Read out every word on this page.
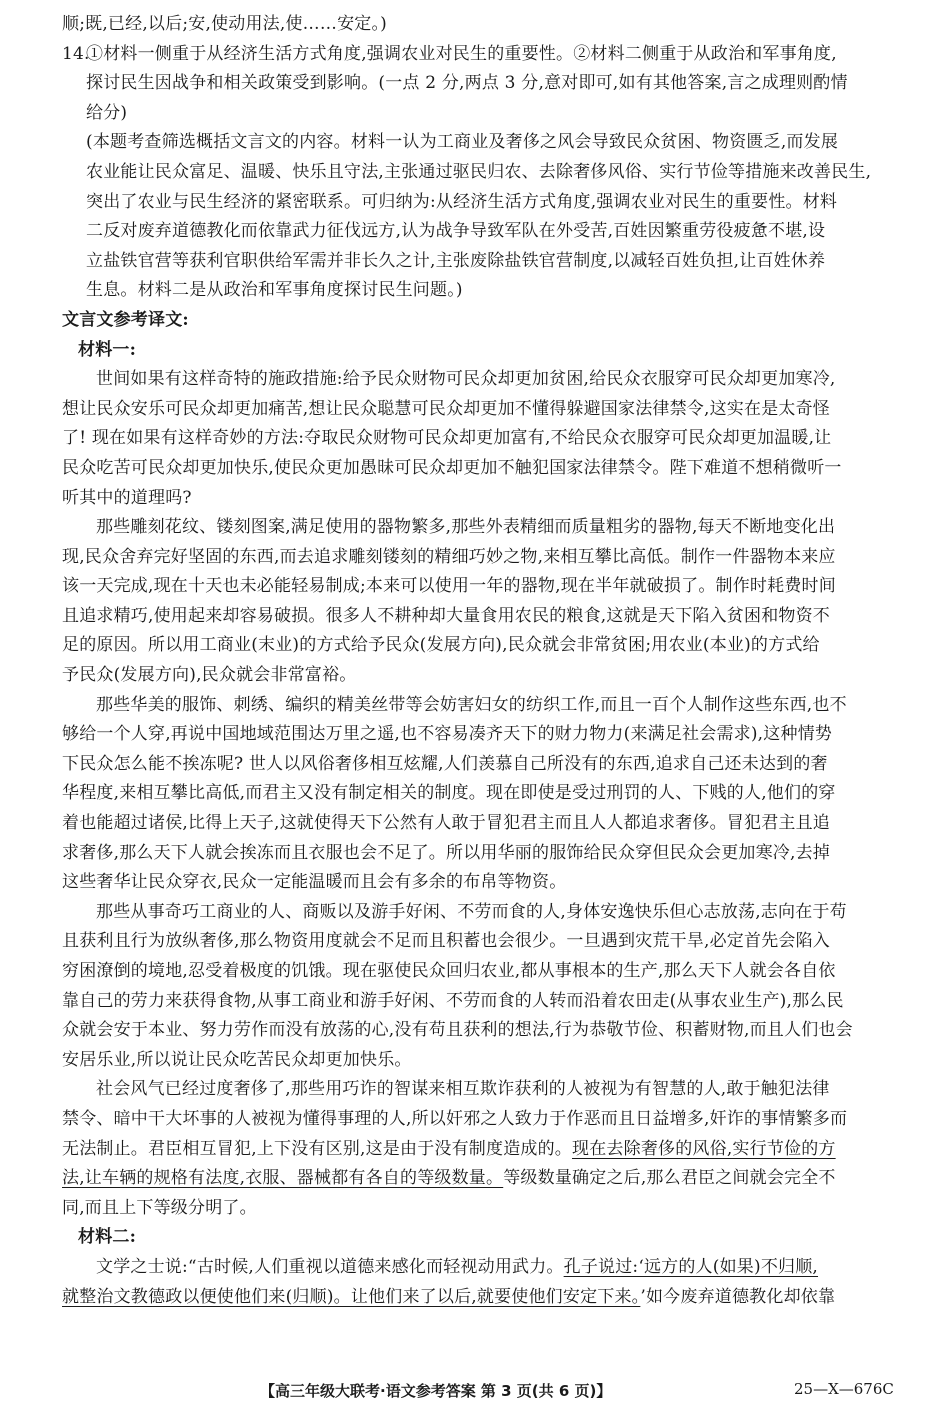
顺;既,已经,以后;安,使动用法,使……安定。)
14.①材料一侧重于从经济生活方式角度,强调农业对民生的重要性。②材料二侧重于从政治和军事角度,
探讨民生因战争和相关政策受到影响。(一点 2 分,两点 3 分,意对即可,如有其他答案,言之成理则酌情
给分)
(本题考查筛选概括文言文的内容。材料一认为工商业及奢侈之风会导致民众贫困、物资匮乏,而发展
农业能让民众富足、温暖、快乐且守法,主张通过驱民归农、去除奢侈风俗、实行节俭等措施来改善民生,
突出了农业与民生经济的紧密联系。可归纳为:从经济生活方式角度,强调农业对民生的重要性。材料
二反对废弃道德教化而依靠武力征伐远方,认为战争导致军队在外受苦,百姓因繁重劳役疲惫不堪,设
立盐铁官营等获利官职供给军需并非长久之计,主张废除盐铁官营制度,以减轻百姓负担,让百姓休养
生息。材料二是从政治和军事角度探讨民生问题。)
文言文参考译文:
材料一:
世间如果有这样奇特的施政措施:给予民众财物可民众却更加贫困,给民众衣服穿可民众却更加寒冷,
想让民众安乐可民众却更加痛苦,想让民众聪慧可民众却更加不懂得躲避国家法律禁令,这实在是太奇怪
了! 现在如果有这样奇妙的方法:夺取民众财物可民众却更加富有,不给民众衣服穿可民众却更加温暖,让
民众吃苦可民众却更加快乐,使民众更加愚昧可民众却更加不触犯国家法律禁令。陛下难道不想稍微听一
听其中的道理吗?
那些雕刻花纹、镂刻图案,满足使用的器物繁多,那些外表精细而质量粗劣的器物,每天不断地变化出
现,民众舍弃完好坚固的东西,而去追求雕刻镂刻的精细巧妙之物,来相互攀比高低。制作一件器物本来应
该一天完成,现在十天也未必能轻易制成;本来可以使用一年的器物,现在半年就破损了。制作时耗费时间
且追求精巧,使用起来却容易破损。很多人不耕种却大量食用农民的粮食,这就是天下陷入贫困和物资不
足的原因。所以用工商业(末业)的方式给予民众(发展方向),民众就会非常贫困;用农业(本业)的方式给
予民众(发展方向),民众就会非常富裕。
那些华美的服饰、刺绣、编织的精美丝带等会妨害妇女的纺织工作,而且一百个人制作这些东西,也不
够给一个人穿,再说中国地域范围达万里之遥,也不容易凑齐天下的财力物力(来满足社会需求),这种情势
下民众怎么能不挨冻呢? 世人以风俗奢侈相互炫耀,人们羡慕自己所没有的东西,追求自己还未达到的奢
华程度,来相互攀比高低,而君主又没有制定相关的制度。现在即使是受过刑罚的人、下贱的人,他们的穿
着也能超过诸侯,比得上天子,这就使得天下公然有人敢于冒犯君主而且人人都追求奢侈。冒犯君主且追
求奢侈,那么天下人就会挨冻而且衣服也会不足了。所以用华丽的服饰给民众穿但民众会更加寒冷,去掉
这些奢华让民众穿衣,民众一定能温暖而且会有多余的布帛等物资。
那些从事奇巧工商业的人、商贩以及游手好闲、不劳而食的人,身体安逸快乐但心志放荡,志向在于苟
且获利且行为放纵奢侈,那么物资用度就会不足而且积蓄也会很少。一旦遇到灾荒干旱,必定首先会陷入
穷困潦倒的境地,忍受着极度的饥饿。现在驱使民众回归农业,都从事根本的生产,那么天下人就会各自依
靠自己的劳力来获得食物,从事工商业和游手好闲、不劳而食的人转而沿着农田走(从事农业生产),那么民
众就会安于本业、努力劳作而没有放荡的心,没有苟且获利的想法,行为恭敬节俭、积蓄财物,而且人们也会
安居乐业,所以说让民众吃苦民众却更加快乐。
社会风气已经过度奢侈了,那些用巧诈的智谋来相互欺诈获利的人被视为有智慧的人,敢于触犯法律
禁令、暗中干大坏事的人被视为懂得事理的人,所以奸邪之人致力于作恶而且日益增多,奸诈的事情繁多而
无法制止。君臣相互冒犯,上下没有区别,这是由于没有制度造成的。现在去除奢侈的风俗,实行节俭的方
法,让车辆的规格有法度,衣服、器械都有各自的等级数量。等级数量确定之后,那么君臣之间就会完全不
同,而且上下等级分明了。
材料二:
文学之士说:“古时候,人们重视以道德来感化而轻视动用武力。孔子说过:‘远方的人(如果)不归顺,
就整治文教德政以便使他们来(归顺)。让他们来了以后,就要使他们安定下来。’如今废弃道德教化却依靠
【高三年级大联考·语文参考答案 第 3 页(共 6 页)】	25—X—676C
